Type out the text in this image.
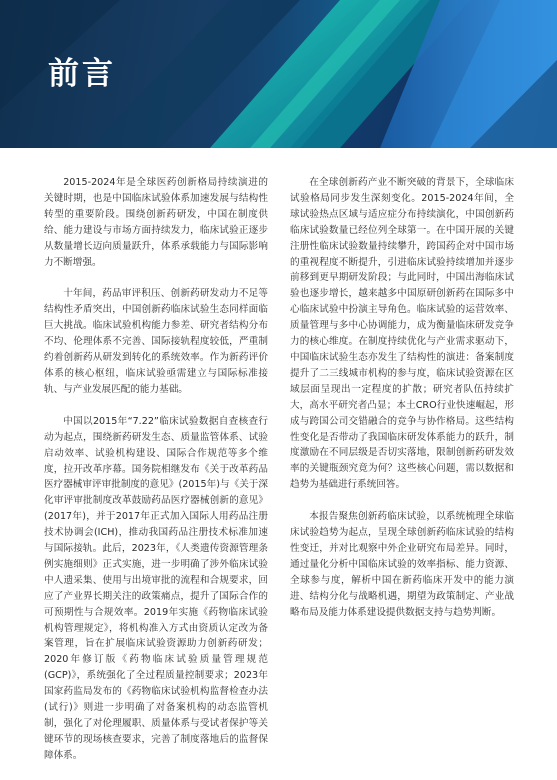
前言

2015-2024年是全球医药创新格局持续演进的关键时期，也是中国临床试验体系加速发展与结构性转型的重要阶段。围绕创新药研发，中国在制度供给、能力建设与市场方面持续发力，临床试验正逐步从数量增长迈向质量跃升，体系承载能力与国际影响力不断增强。

十年间，药品审评积压、创新药研发动力不足等结构性矛盾突出，中国创新药临床试验生态同样面临巨大挑战。临床试验机构能力参差、研究者结构分布不均、伦理体系不完善、国际接轨程度较低，严重制约着创新药从研发到转化的系统效率。作为新药评价体系的核心枢纽，临床试验亟需建立与国际标准接轨、与产业发展匹配的能力基础。

中国以2015年“7.22”临床试验数据自查核查行动为起点，围绕新药研发生态、质量监管体系、试验启动效率、试验机构建设、国际合作规范等多个维度，拉开改革序幕。国务院相继发布《关于改革药品医疗器械审评审批制度的意见》(2015年)与《关于深化审评审批制度改革鼓励药品医疗器械创新的意见》(2017年)，并于2017年正式加入国际人用药品注册技术协调会(ICH)，推动我国药品注册技术标准加速与国际接轨。此后，2023年，《人类遗传资源管理条例实施细则》正式实施，进一步明确了涉外临床试验中人遗采集、使用与出境审批的流程和合规要求，回应了产业界长期关注的政策痛点，提升了国际合作的可预期性与合规效率。2019年实施《药物临床试验机构管理规定》，将机构准入方式由资质认定改为备案管理，旨在扩展临床试验资源助力创新药研发；2020年修订版《药物临床试验质量管理规范(GCP)》，系统强化了全过程质量控制要求；2023年国家药监局发布的《药物临床试验机构监督检查办法(试行)》则进一步明确了对备案机构的动态监管机制，强化了对伦理履职、质量体系与受试者保护等关键环节的现场核查要求，完善了制度落地后的监督保障体系。

在全球创新药产业不断突破的背景下，全球临床试验格局同步发生深刻变化。2015-2024年间，全球试验热点区域与适应症分布持续演化，中国创新药临床试验数量已经位列全球第一。在中国开展的关键注册性临床试验数量持续攀升，跨国药企对中国市场的重视程度不断提升，引进临床试验持续增加并逐步前移到更早期研发阶段；与此同时，中国出海临床试验也逐步增长，越来越多中国原研创新药在国际多中心临床试验中扮演主导角色。临床试验的运营效率、质量管理与多中心协调能力，成为衡量临床研发竞争力的核心维度。在制度持续优化与产业需求驱动下，中国临床试验生态亦发生了结构性的演进：备案制度提升了二三线城市机构的参与度，临床试验资源在区域层面呈现出一定程度的扩散；研究者队伍持续扩大，高水平研究者凸显；本土CRO行业快速崛起，形成与跨国公司交错融合的竞争与协作格局。这些结构性变化是否带动了我国临床研发体系能力的跃升，制度激励在不同层级是否切实落地，限制创新药研发效率的关键瓶颈究竟为何？这些核心问题，需以数据和趋势为基础进行系统回答。

本报告聚焦创新药临床试验，以系统梳理全球临床试验趋势为起点，呈现全球创新药临床试验的结构性变迁，并对比观察中外企业研究布局差异。同时，通过量化分析中国临床试验的效率指标、能力资源、全球参与度，解析中国在新药临床开发中的能力演进、结构分化与战略机遇，期望为政策制定、产业战略布局及能力体系建设提供数据支持与趋势判断。
